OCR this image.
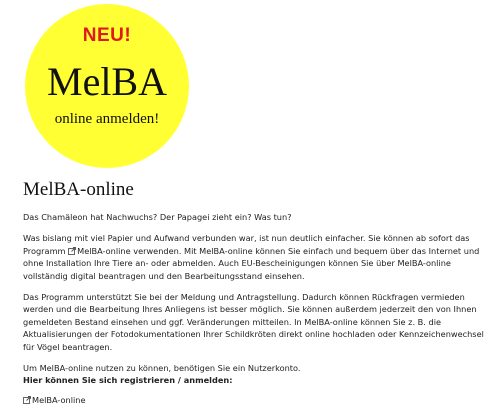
NEU!
MelBA
online anmelden!
MelBA-online

Das Chamäleon hat Nachwuchs? Der Papagei zieht ein? Was tun?

Was bislang mit viel Papier und Aufwand verbunden war, ist nun deutlich einfacher. Sie können ab sofort das Programm
MelBA-online verwenden. Mit MelBA-online können Sie einfach und bequem über das Internet und ohne Installation Ihre Tiere an- oder abmelden. Auch EU-Bescheinigungen können Sie über MelBA-online vollständig digital beantragen und den Bearbeitungsstand einsehen.

Das Programm unterstützt Sie bei der Meldung und Antragstellung. Dadurch können Rückfragen vermieden werden und die Bearbeitung Ihres Anliegens ist besser möglich. Sie können außerdem jederzeit den von Ihnen gemeldeten Bestand einsehen und ggf. Veränderungen mitteilen. In MelBA-online können Sie z. B. die Aktualisierungen der Fotodokumentationen Ihrer Schildkröten direkt online hochladen oder Kennzeichenwechsel für Vögel beantragen.

Um MelBA-online nutzen zu können, benötigen Sie ein Nutzerkonto.
Hier können Sie sich registrieren / anmelden:

MelBA-online
